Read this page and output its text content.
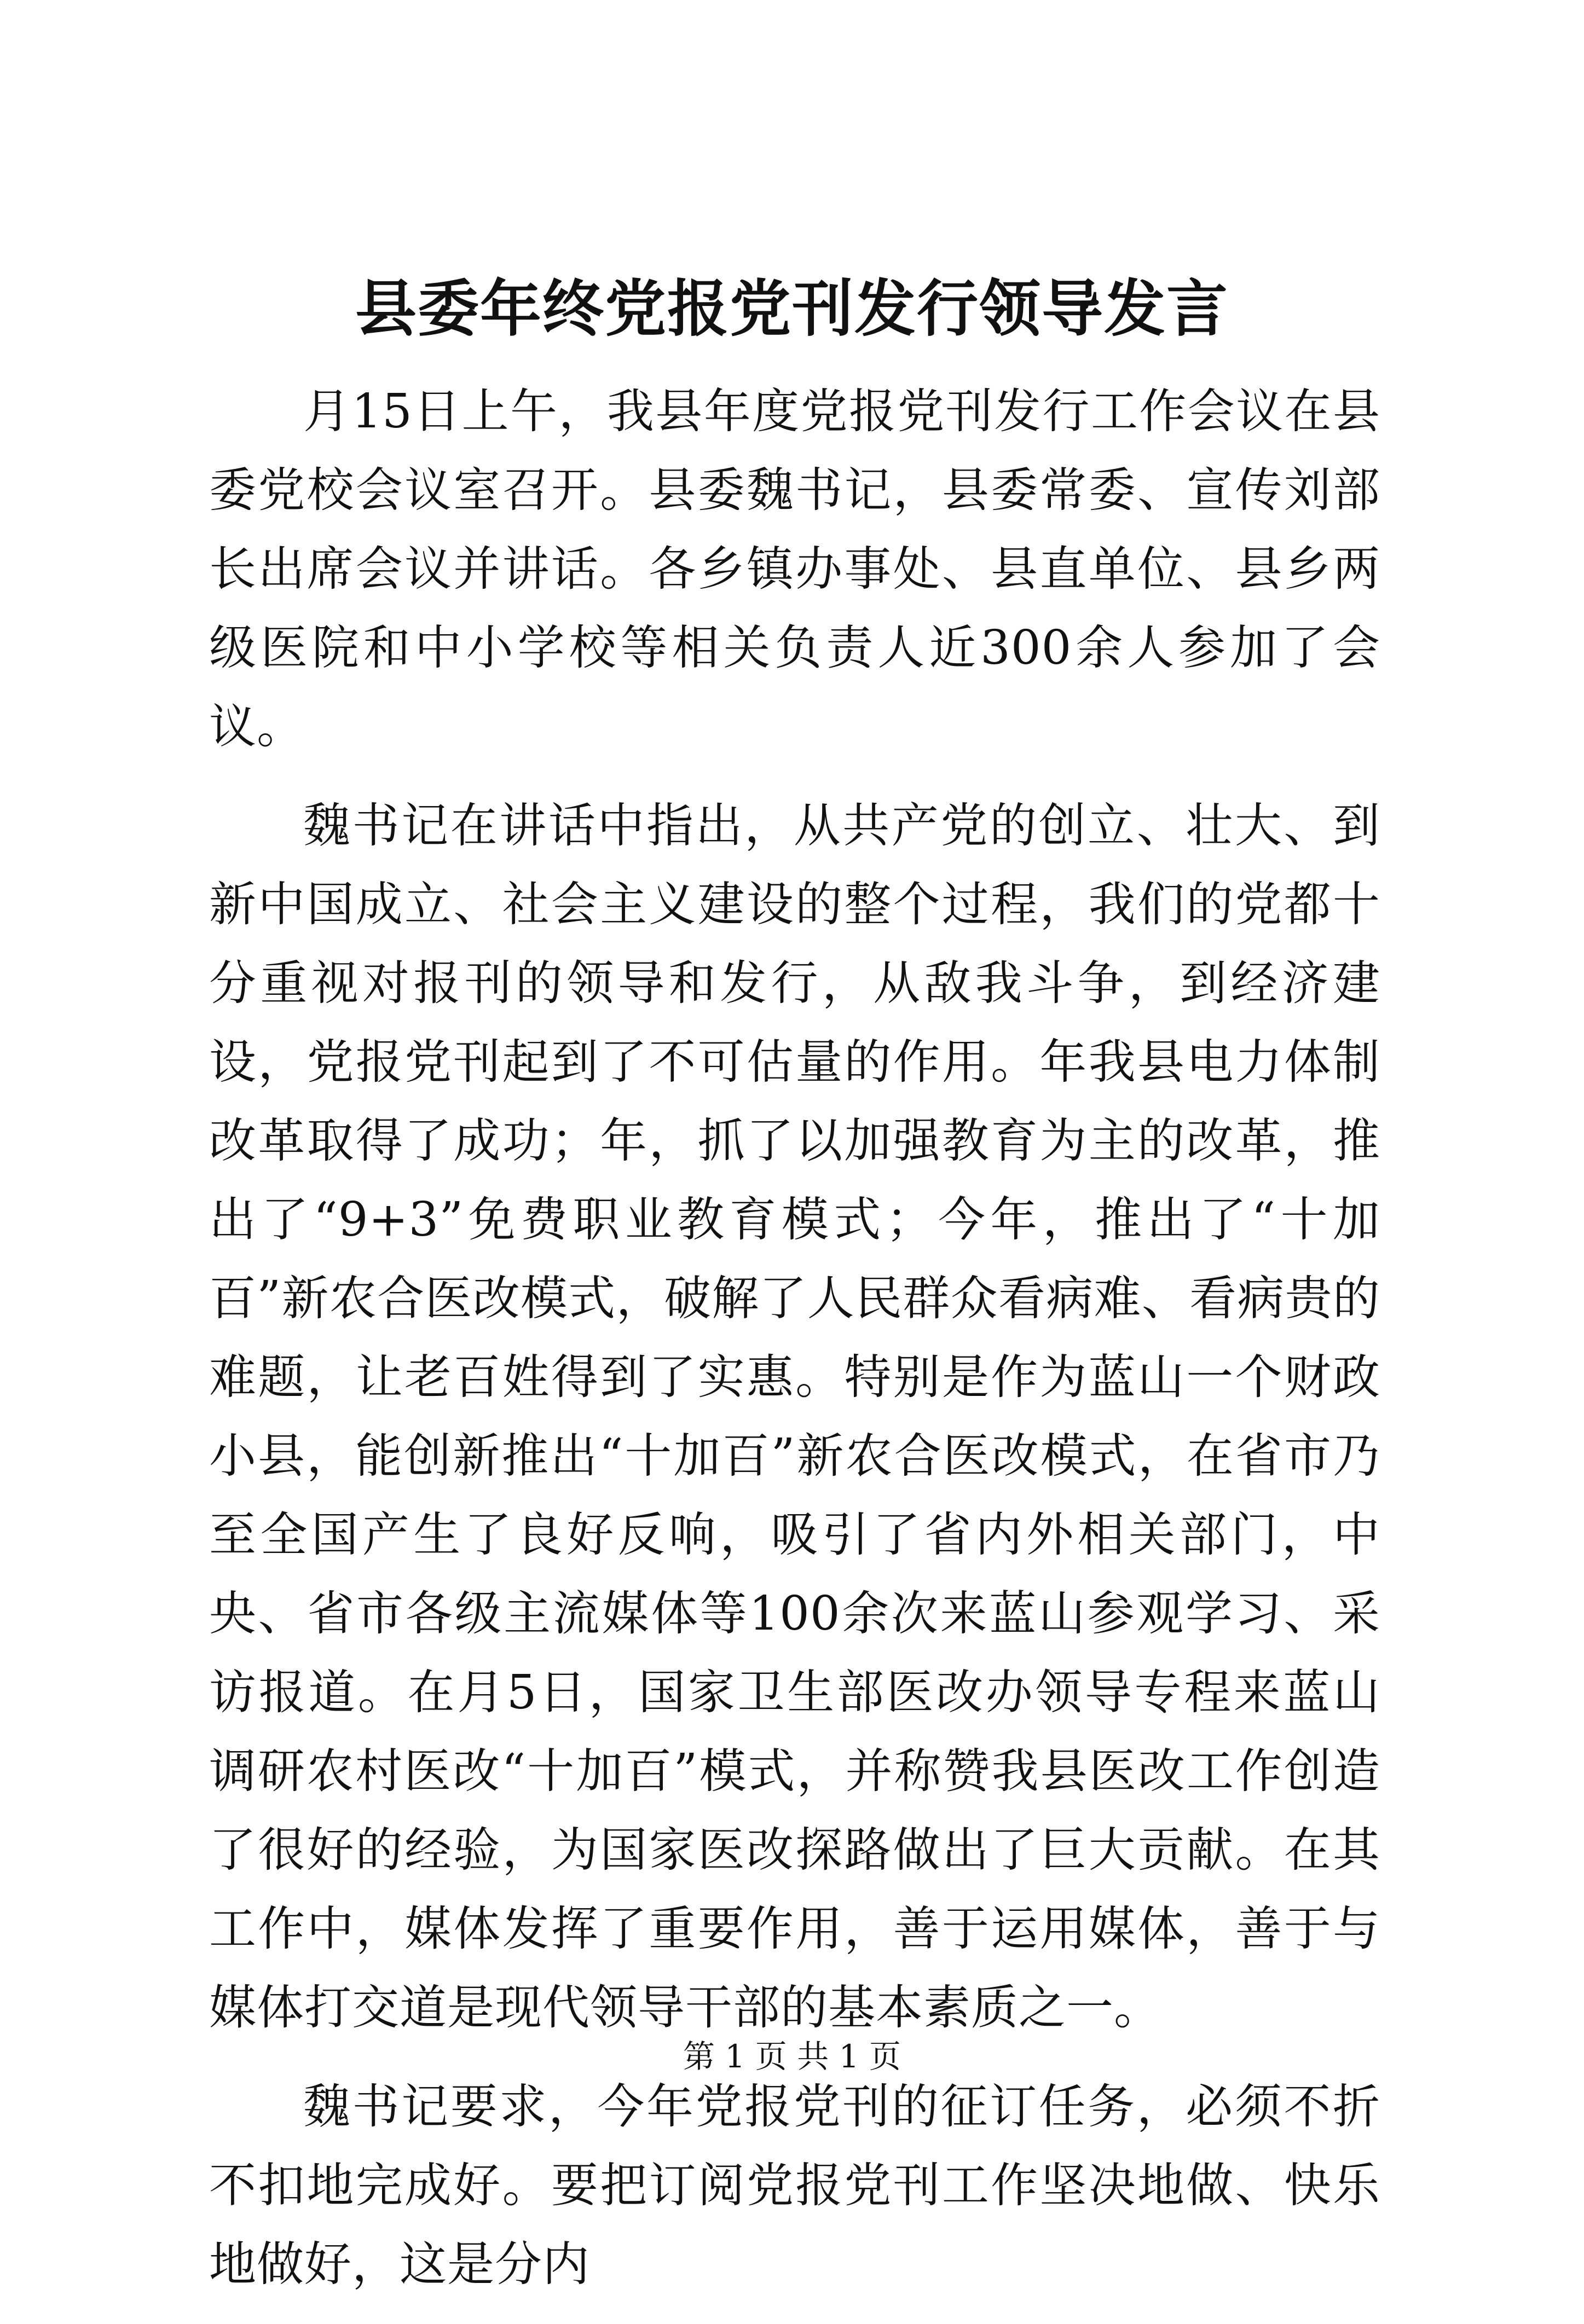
县委年终党报党刊发行领导发言

月15日上午，我县年度党报党刊发行工作会议在县委党校会议室召开。县委魏书记，县委常委、宣传刘部长出席会议并讲话。各乡镇办事处、县直单位、县乡两级医院和中小学校等相关负责人近300余人参加了会议。

魏书记在讲话中指出，从共产党的创立、壮大、到新中国成立、社会主义建设的整个过程，我们的党都十分重视对报刊的领导和发行，从敌我斗争，到经济建设，党报党刊起到了不可估量的作用。年我县电力体制改革取得了成功；年，抓了以加强教育为主的改革，推出了“9+3”免费职业教育模式；今年，推出了“十加百”新农合医改模式，破解了人民群众看病难、看病贵的难题，让老百姓得到了实惠。特别是作为蓝山一个财政小县，能创新推出“十加百”新农合医改模式，在省市乃至全国产生了良好反响，吸引了省内外相关部门，中央、省市各级主流媒体等100余次来蓝山参观学习、采访报道。在月5日，国家卫生部医改办领导专程来蓝山调研农村医改“十加百”模式，并称赞我县医改工作创造了很好的经验，为国家医改探路做出了巨大贡献。在其工作中，媒体发挥了重要作用，善于运用媒体，善于与媒体打交道是现代领导干部的基本素质之一。

魏书记要求，今年党报党刊的征订任务，必须不折不扣地完成好。要把订阅党报党刊工作坚决地做、快乐地做好，这是分内

第 1 页 共 1 页
